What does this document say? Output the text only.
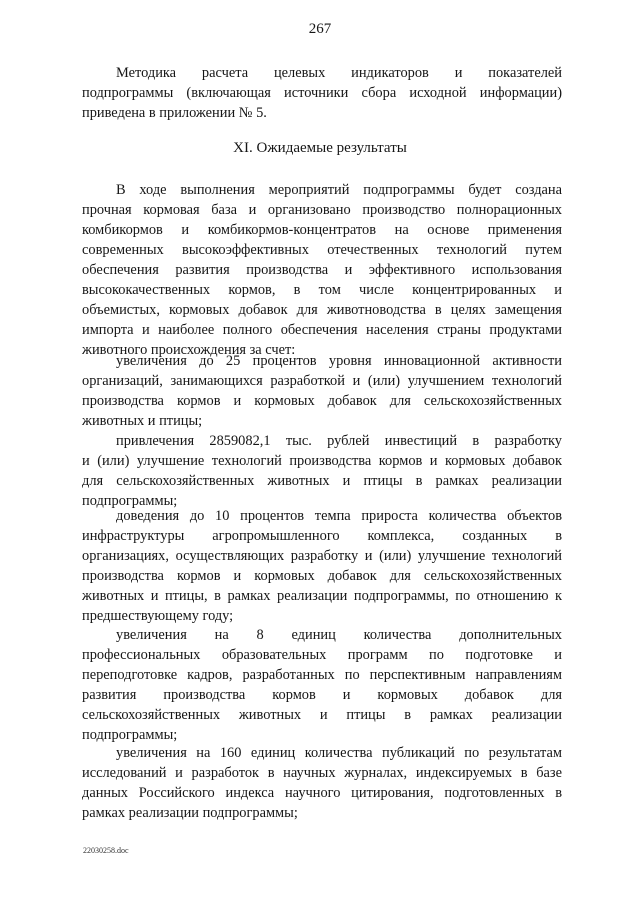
267

Методика расчета целевых индикаторов и показателей
подпрограммы (включающая источники сбора исходной информации)
приведена в приложении № 5.

XI. Ожидаемые результаты

В ходе выполнения мероприятий подпрограммы будет создана
прочная кормовая база и организовано производство полнорационных
комбикормов и комбикормов-концентратов на основе применения
современных высокоэффективных отечественных технологий путем
обеспечения развития производства и эффективного использования
высококачественных кормов, в том числе концентрированных и
объемистых, кормовых добавок для животноводства в целях замещения
импорта и наиболее полного обеспечения населения страны продуктами
животного происхождения за счет:

увеличения до 25 процентов уровня инновационной активности
организаций, занимающихся разработкой и (или) улучшением технологий
производства кормов и кормовых добавок для сельскохозяйственных
животных и птицы;

привлечения 2859082,1 тыс. рублей инвестиций в разработку
и (или) улучшение технологий производства кормов и кормовых добавок
для сельскохозяйственных животных и птицы в рамках реализации
подпрограммы;

доведения до 10 процентов темпа прироста количества объектов
инфраструктуры агропромышленного комплекса, созданных в
организациях, осуществляющих разработку и (или) улучшение технологий
производства кормов и кормовых добавок для сельскохозяйственных
животных и птицы, в рамках реализации подпрограммы, по отношению к
предшествующему году;

увеличения на 8 единиц количества дополнительных
профессиональных образовательных программ по подготовке и
переподготовке кадров, разработанных по перспективным направлениям
развития производства кормов и кормовых добавок для
сельскохозяйственных животных и птицы в рамках реализации
подпрограммы;

увеличения на 160 единиц количества публикаций по результатам
исследований и разработок в научных журналах, индексируемых в базе
данных Российского индекса научного цитирования, подготовленных в
рамках реализации подпрограммы;

22030258.doc
